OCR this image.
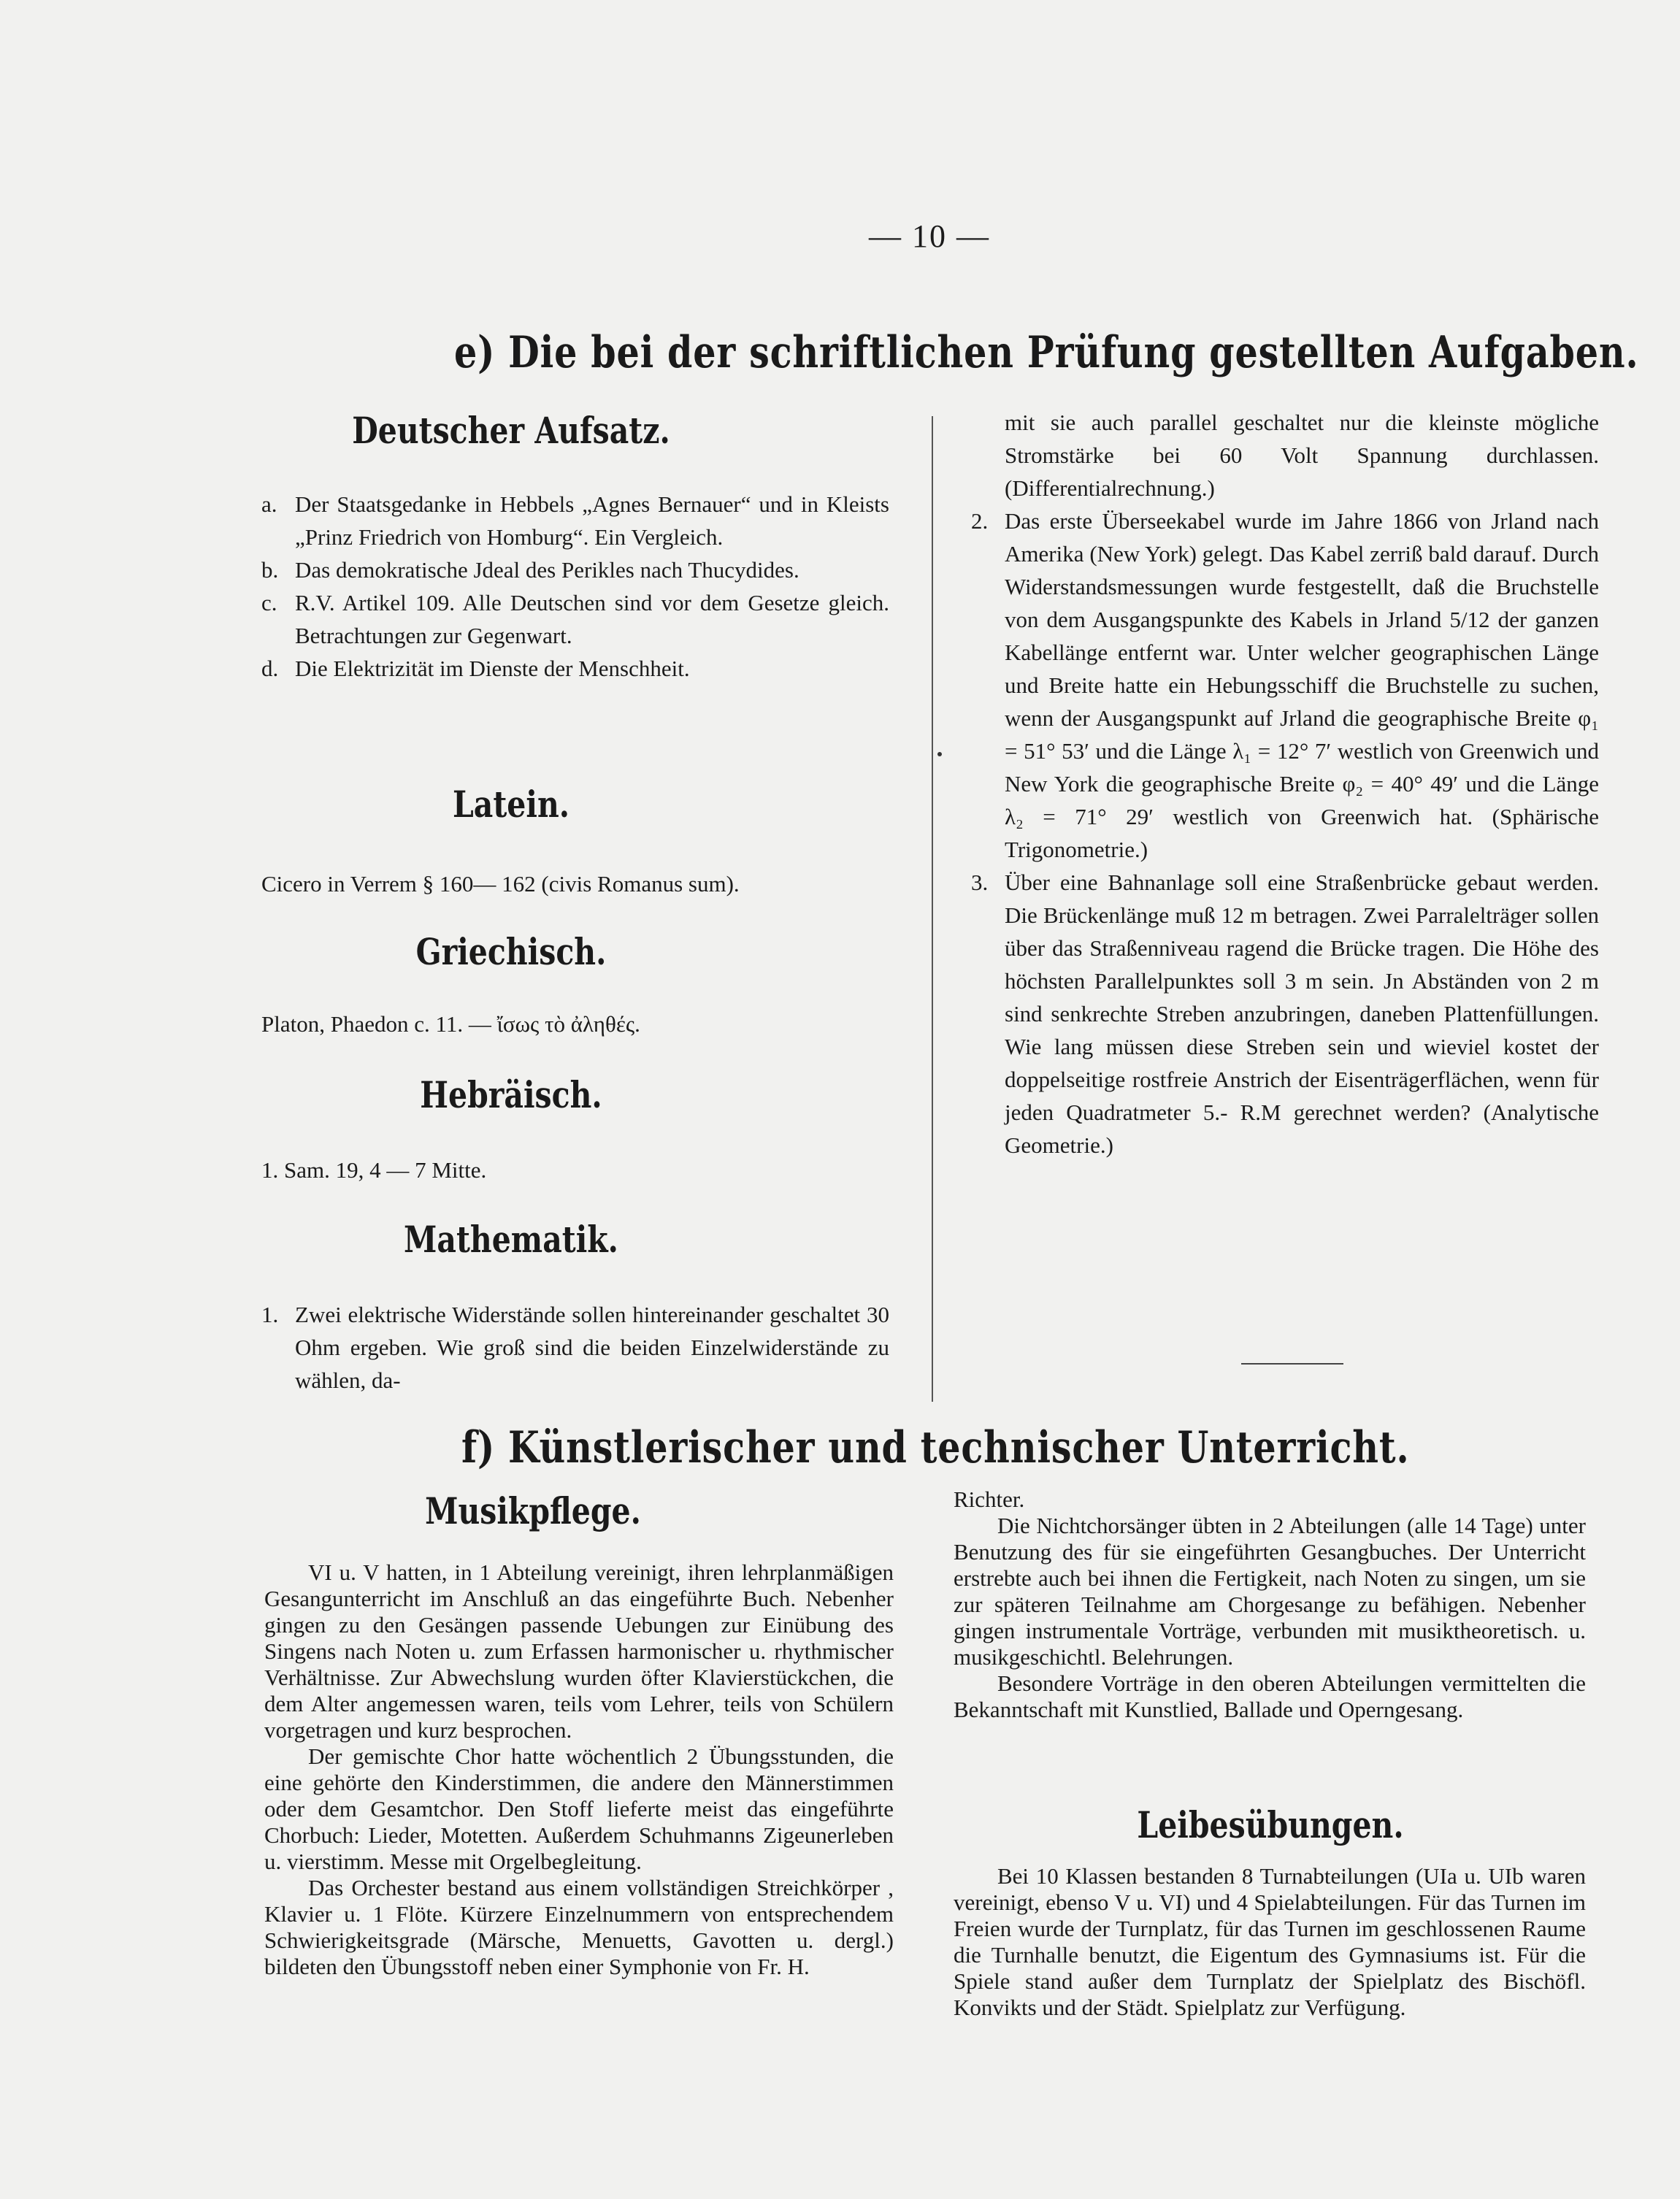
— 10 —
e) Die bei der schriftlichen Prüfung gestellten Aufgaben.
Deutscher Aufsatz.
a. Der Staatsgedanke in Hebbels „Agnes Bernauer“ und in Kleists „Prinz Friedrich von Homburg“. Ein Vergleich.

b. Das demokratische Jdeal des Perikles nach Thucydides.

c. R.V. Artikel 109. Alle Deutschen sind vor dem Gesetze gleich. Betrachtungen zur Gegenwart.

d. Die Elektrizität im Dienste der Menschheit.

Latein.

Cicero in Verrem § 160— 162 (civis Romanus sum).

Griechisch.

Platon, Phaedon c. 11. — ἴσως τὸ ἀληθές.

Hebräisch.

1. Sam. 19, 4 — 7 Mitte.

Mathematik.
1. Zwei elektrische Widerstände sollen hintereinander geschaltet 30 Ohm ergeben. Wie groß sind die beiden Einzelwiderstände zu wählen, da-

mit sie auch parallel geschaltet nur die kleinste mögliche Stromstärke bei 60 Volt Spannung durchlassen. (Differentialrechnung.)

2. Das erste Überseekabel wurde im Jahre 1866 von Jrland nach Amerika (New York) gelegt. Das Kabel zerriß bald darauf. Durch Widerstandsmessungen wurde festgestellt, daß die Bruchstelle von dem Ausgangspunkte des Kabels in Jrland 5/12 der ganzen Kabellänge entfernt war. Unter welcher geographischen Länge und Breite hatte ein Hebungsschiff die Bruchstelle zu suchen, wenn der Ausgangspunkt auf Jrland die geographische Breite φ₁ = 51° 53′ und die Länge λ₁ = 12° 7′ westlich von Greenwich und New York die geographische Breite φ₂ = 40° 49′ und die Länge λ₂ = 71° 29′ westlich von Greenwich hat. (Sphärische Trigonometrie.)

3. Über eine Bahnanlage soll eine Straßenbrücke gebaut werden. Die Brückenlänge muß 12 m betragen. Zwei Parralelträger sollen über das Straßenniveau ragend die Brücke tragen. Die Höhe des höchsten Parallelpunktes soll 3 m sein. Jn Abständen von 2 m sind senkrechte Streben anzubringen, daneben Plattenfüllungen. Wie lang müssen diese Streben sein und wieviel kostet der doppelseitige rostfreie Anstrich der Eisenträgerflächen, wenn für jeden Quadratmeter 5.- R.M gerechnet werden? (Analytische Geometrie.)

f) Künstlerischer und technischer Unterricht.
Musikpflege.

VI u. V hatten, in 1 Abteilung vereinigt, ihren lehrplanmäßigen Gesangunterricht im Anschluß an das eingeführte Buch. Nebenher gingen zu den Gesängen passende Uebungen zur Einübung des Singens nach Noten u. zum Erfassen harmonischer u. rhythmischer Verhältnisse. Zur Abwechslung wurden öfter Klavierstückchen, die dem Alter angemessen waren, teils vom Lehrer, teils von Schülern vorgetragen und kurz besprochen.

Der gemischte Chor hatte wöchentlich 2 Übungsstunden, die eine gehörte den Kinderstimmen, die andere den Männerstimmen oder dem Gesamtchor. Den Stoff lieferte meist das eingeführte Chorbuch: Lieder, Motetten. Außerdem Schuhmanns Zigeunerleben u. vierstimm. Messe mit Orgelbegleitung.

Das Orchester bestand aus einem vollständigen Streichkörper , Klavier u. 1 Flöte. Kürzere Einzelnummern von entsprechendem Schwierigkeitsgrade (Märsche, Menuetts, Gavotten u. dergl.) bildeten den Übungsstoff neben einer Symphonie von Fr. H.

Richter.

Die Nichtchorsänger übten in 2 Abteilungen (alle 14 Tage) unter Benutzung des für sie eingeführten Gesangbuches. Der Unterricht erstrebte auch bei ihnen die Fertigkeit, nach Noten zu singen, um sie zur späteren Teilnahme am Chorgesange zu befähigen. Nebenher gingen instrumentale Vorträge, verbunden mit musiktheoretisch. u. musikgeschichtl. Belehrungen.

Besondere Vorträge in den oberen Abteilungen vermittelten die Bekanntschaft mit Kunstlied, Ballade und Operngesang.

Leibesübungen.

Bei 10 Klassen bestanden 8 Turnabteilungen (UIa u. UIb waren vereinigt, ebenso V u. VI) und 4 Spielabteilungen. Für das Turnen im Freien wurde der Turnplatz, für das Turnen im geschlossenen Raume die Turnhalle benutzt, die Eigentum des Gymnasiums ist. Für die Spiele stand außer dem Turnplatz der Spielplatz des Bischöfl. Konvikts und der Städt. Spielplatz zur Verfügung.
